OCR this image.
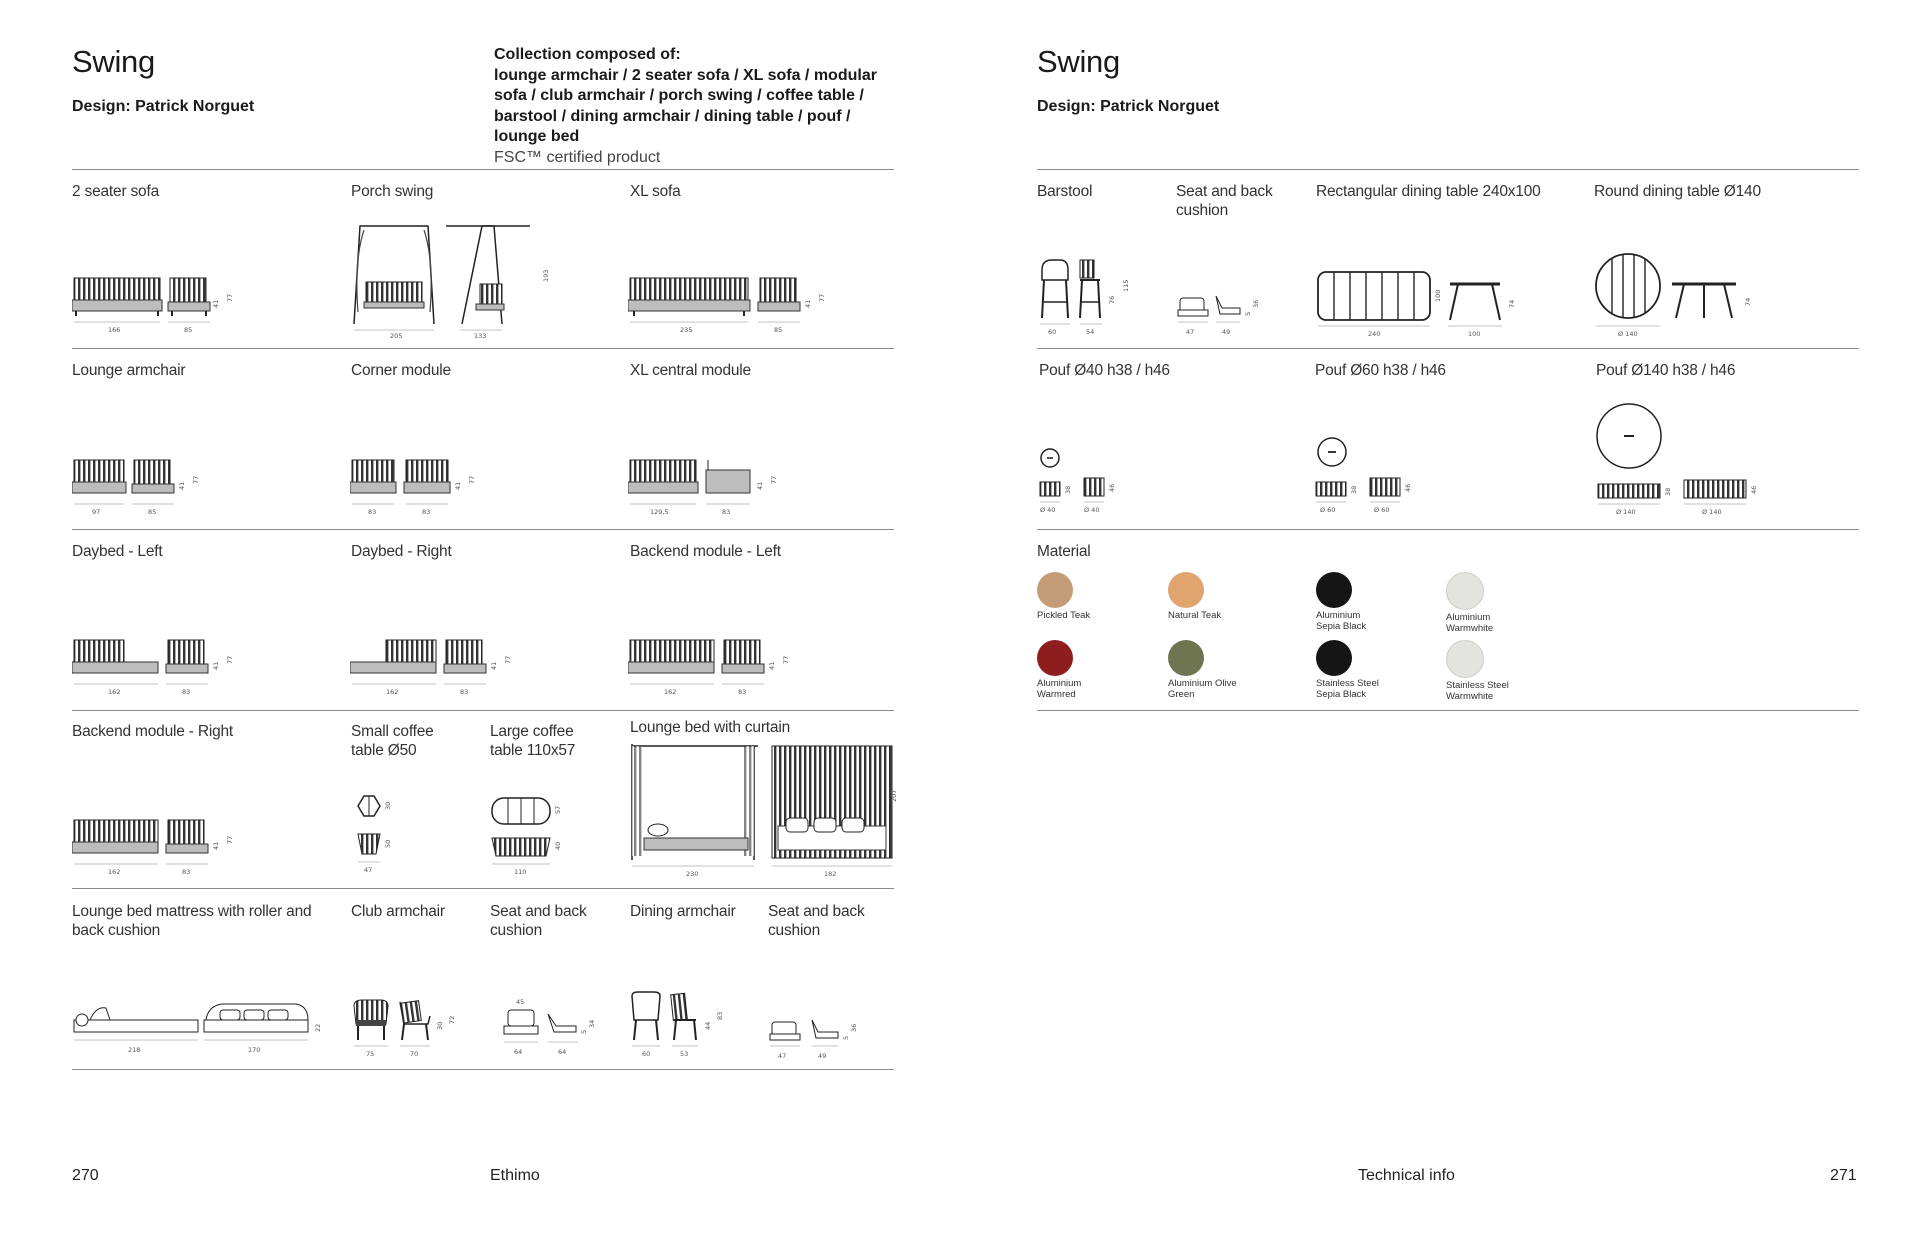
Swing
Design: Patrick Norguet
Collection composed of:
lounge armchair / 2 seater sofa / XL sofa / modular sofa / club armchair / porch swing / coffee table / barstool / dining armchair / dining table / pouf / lounge bed
FSC™ certified product
2 seater sofa
166	85
41
77
Porch swing
205	133
193
XL sofa
235	85
41
77
Lounge armchair
97	85
41
77
Corner module
83	83
41
77
XL central module
129,5	83
41
77
Daybed - Left
162	83
41
77
Daybed - Right
162	83
41
77
Backend module - Left
162	83
41
77
Backend module - Right
162	83
41
77
Small coffee table Ø50
47
30
50
Large coffee table 110x57
110
57
40
Lounge bed with curtain
230	182
207
Lounge bed mattress with roller and back cushion
218	170
22
Club armchair
75	70
30
72
Seat and back cushion
45
64	64
5
34
Dining armchair
60	53
44
83
Seat and back cushion
47	49
5
36
270	Ethimo
Swing
Design: Patrick Norguet
Barstool
60	54
76
115
Seat and back cushion
47	49
5
36
Rectangular dining table 240x100
240	100
100
74
Round dining table Ø140
Ø 140
74
Pouf Ø40 h38 / h46
Ø 40	Ø 40
38	46
Pouf Ø60 h38 / h46
Ø 60	Ø 60
38	46
Pouf Ø140 h38 / h46
Ø 140	Ø 140
38	46
Material
Pickled Teak	Natural Teak	Aluminium Sepia Black
Aluminium Warmwhite
Aluminium Warmred
Aluminium Olive Green
Stainless Steel Sepia Black
Stainless Steel Warmwhite
Technical info	271
